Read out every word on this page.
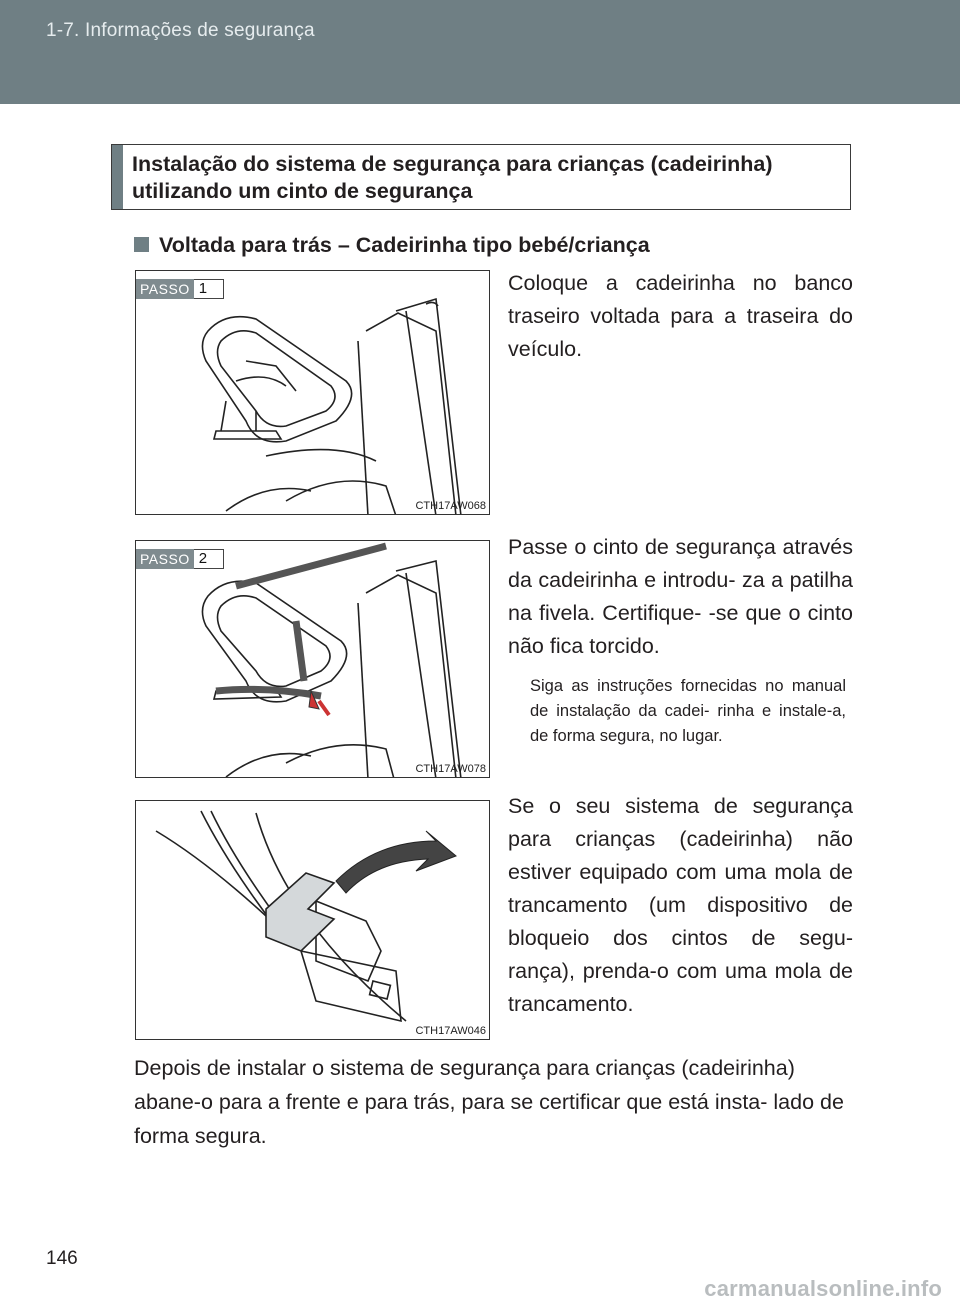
1-7. Informações de segurança
Instalação do sistema de segurança para crianças (cadeirinha)
utilizando um cinto de segurança
Voltada para trás – Cadeirinha tipo bebé/criança
PASSO 1
CTH17AW068
Coloque a cadeirinha no banco traseiro voltada para a traseira do veículo.
PASSO 2
CTH17AW078
Passe o cinto de segurança através da cadeirinha e introdu- za a patilha na fivela. Certifique- -se que o cinto não fica torcido.
Siga as instruções fornecidas no manual de instalação da cadei- rinha e instale-a, de forma segura, no lugar.
CTH17AW046
Se o seu sistema de segurança para crianças (cadeirinha) não estiver equipado com uma mola de trancamento (um dispositivo de bloqueio dos cintos de segu- rança), prenda-o com uma mola de trancamento.
Depois de instalar o sistema de segurança para crianças (cadeirinha) abane-o para a frente e para trás, para se certificar que está insta- lado de forma segura.
146
carmanualsonline.info
